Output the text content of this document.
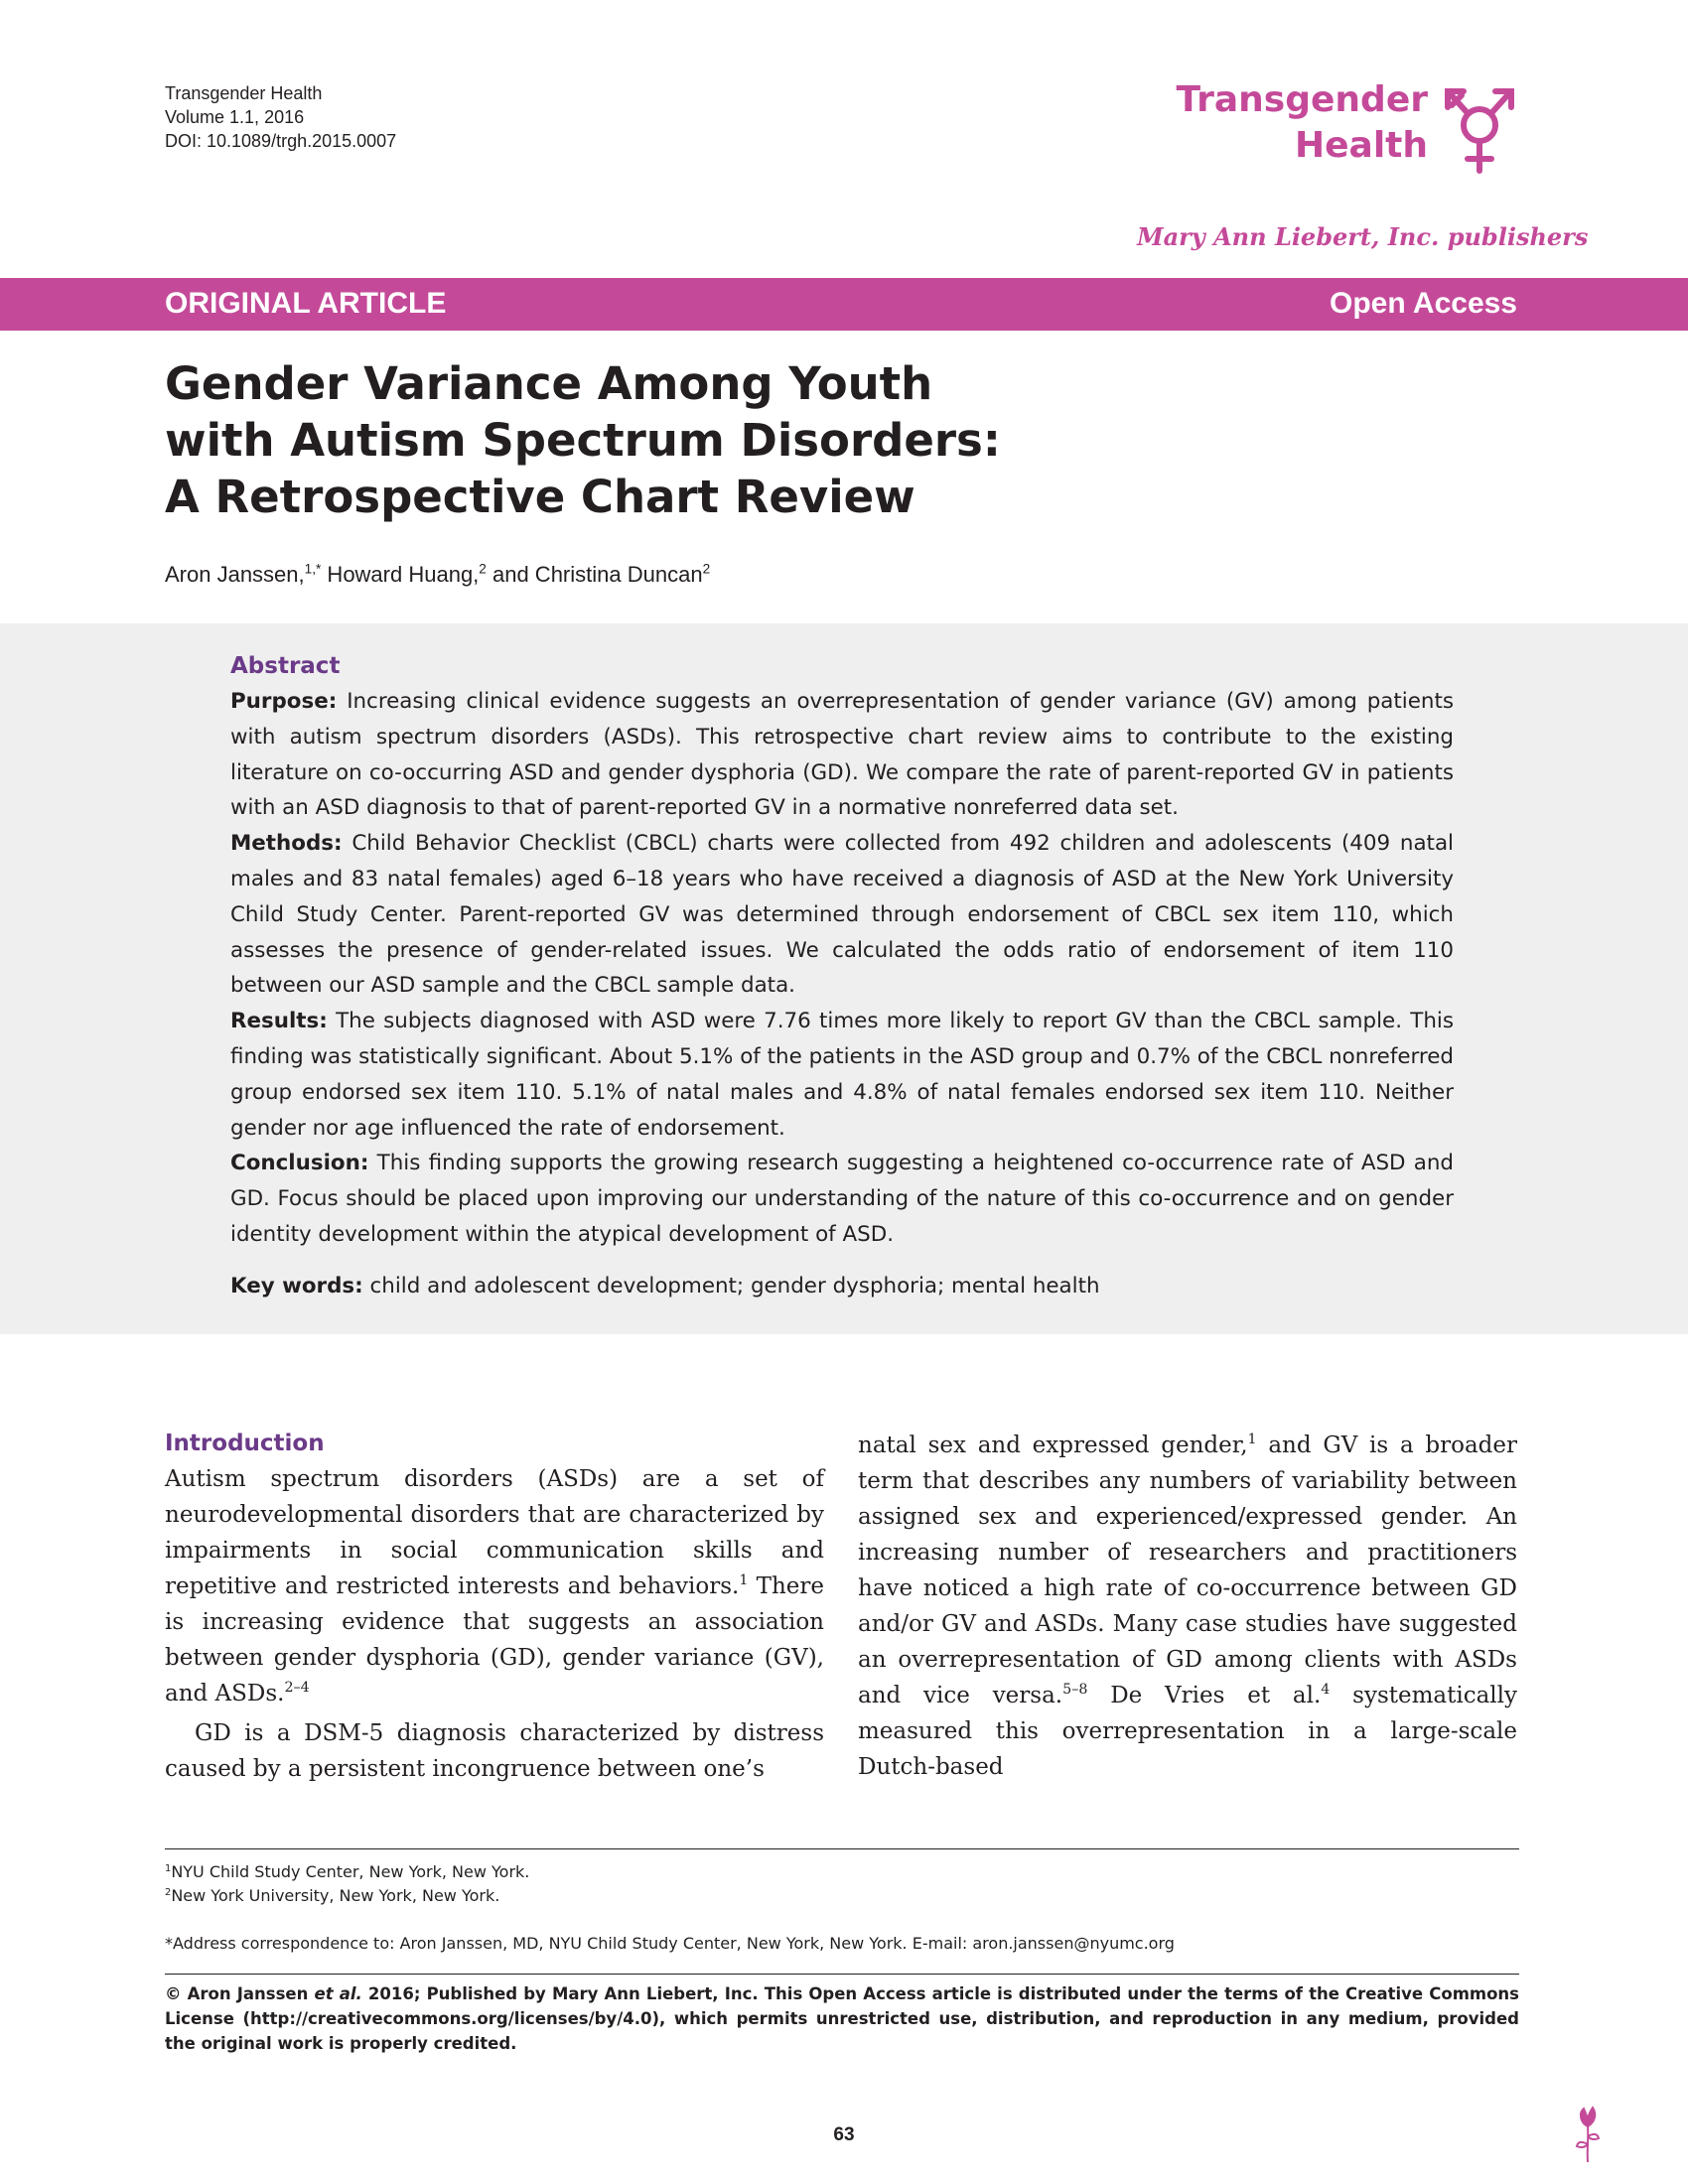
Transgender Health
Volume 1.1, 2016
DOI: 10.1089/trgh.2015.0007
Transgender
Health
Mary Ann Liebert, Inc. publishers
ORIGINAL ARTICLE	Open Access
Gender Variance Among Youth
with Autism Spectrum Disorders:
A Retrospective Chart Review
Aron Janssen,$^{1,*}$ Howard Huang,$^2$ and Christina Duncan$^2$
Abstract

Purpose: Increasing clinical evidence suggests an overrepresentation of gender variance (GV) among patients with autism spectrum disorders (ASDs). This retrospective chart review aims to contribute to the existing literature on co-occurring ASD and gender dysphoria (GD). We compare the rate of parent-reported GV in patients with an ASD diagnosis to that of parent-reported GV in a normative nonreferred data set.

Methods: Child Behavior Checklist (CBCL) charts were collected from 492 children and adolescents (409 natal males and 83 natal females) aged 6–18 years who have received a diagnosis of ASD at the New York University Child Study Center. Parent-reported GV was determined through endorsement of CBCL sex item 110, which assesses the presence of gender-related issues. We calculated the odds ratio of endorsement of item 110 between our ASD sample and the CBCL sample data.

Results: The subjects diagnosed with ASD were 7.76 times more likely to report GV than the CBCL sample. This finding was statistically significant. About 5.1% of the patients in the ASD group and 0.7% of the CBCL nonreferred group endorsed sex item 110. 5.1% of natal males and 4.8% of natal females endorsed sex item 110. Neither gender nor age influenced the rate of endorsement.

Conclusion: This finding supports the growing research suggesting a heightened co-occurrence rate of ASD and GD. Focus should be placed upon improving our understanding of the nature of this co-occurrence and on gender identity development within the atypical development of ASD.

Key words: child and adolescent development; gender dysphoria; mental health

Introduction

Autism spectrum disorders (ASDs) are a set of neurodevelopmental disorders that are characterized by impairments in social communication skills and repetitive and restricted interests and behaviors.$^1$ There is increasing evidence that suggests an association between gender dysphoria (GD), gender variance (GV), and ASDs.$^{2-4}$

GD is a DSM-5 diagnosis characterized by distress caused by a persistent incongruence between one’s

natal sex and expressed gender,$^1$ and GV is a broader term that describes any numbers of variability between assigned sex and experienced/expressed gender. An increasing number of researchers and practitioners have noticed a high rate of co-occurrence between GD and/or GV and ASDs. Many case studies have suggested an overrepresentation of GD among clients with ASDs and vice versa.$^{5-8}$ De Vries et al.$^4$ systematically measured this overrepresentation in a large-scale Dutch-based

$^1$NYU Child Study Center, New York, New York.

$^2$New York University, New York, New York.

*Address correspondence to: Aron Janssen, MD, NYU Child Study Center, New York, New York. E-mail: aron.janssen@nyumc.org
© Aron Janssen et al. 2016; Published by Mary Ann Liebert, Inc. This Open Access article is distributed under the terms of the Creative Commons License (http://creativecommons.org/licenses/by/4.0), which permits unrestricted use, distribution, and reproduction in any medium, provided the original work is properly credited.
63
